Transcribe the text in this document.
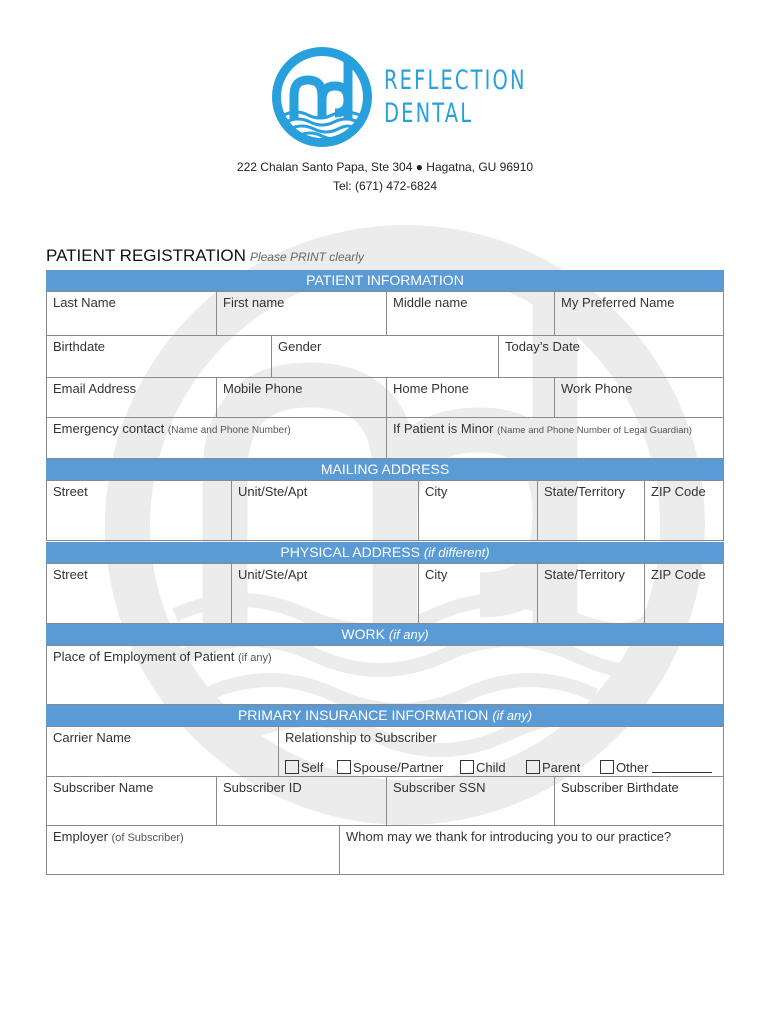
REFLECTION
DENTAL
222 Chalan Santo Papa, Ste 304 ● Hagatna, GU 96910
Tel: (671) 472-6824
PATIENT REGISTRATION Please PRINT clearly
PATIENT INFORMATION
Last Name	First name	Middle name	My Preferred Name
Birthdate	Gender	Today’s Date
Email Address	Mobile Phone	Home Phone	Work Phone
Emergency contact (Name and Phone Number)	If Patient is Minor (Name and Phone Number of Legal Guardian)
MAILING ADDRESS
Street	Unit/Ste/Apt	City	State/Territory	ZIP Code
PHYSICAL ADDRESS (if different)
Street	Unit/Ste/Apt	City	State/Territory	ZIP Code
WORK (if any)
Place of Employment of Patient (if any)
PRIMARY INSURANCE INFORMATION (if any)
Carrier Name	Relationship to Subscriber
Self	Spouse/Partner	Child	Parent	Other
Subscriber Name	Subscriber ID	Subscriber SSN	Subscriber Birthdate
Employer (of Subscriber)	Whom may we thank for introducing you to our practice?
